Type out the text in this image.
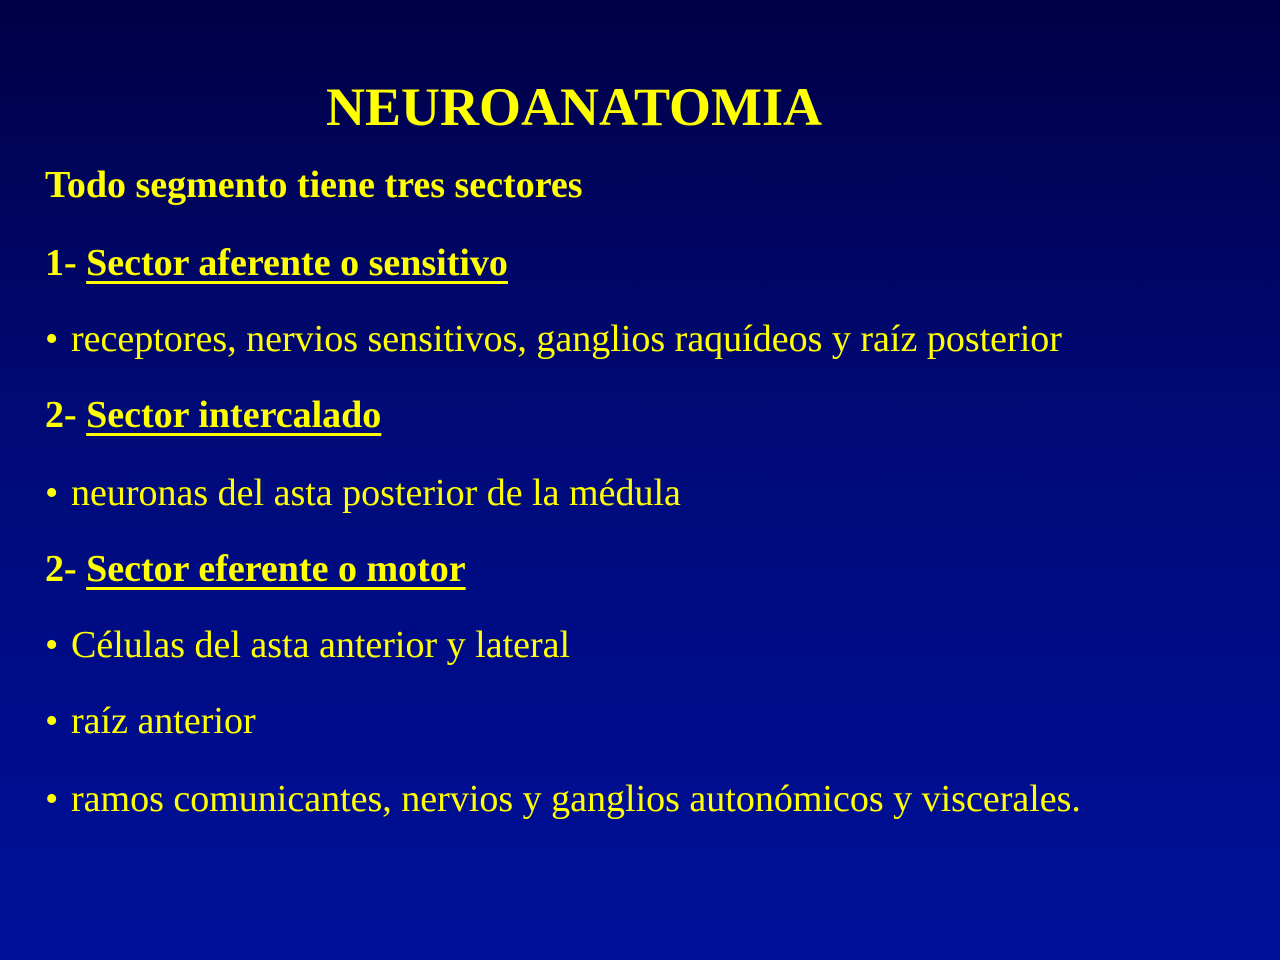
NEUROANATOMIA
Todo segmento tiene tres sectores
1- Sector aferente o sensitivo
• receptores, nervios sensitivos, ganglios raquídeos y raíz posterior
2- Sector intercalado
• neuronas del asta posterior de la médula
2- Sector eferente o motor
• Células del asta anterior y lateral
• raíz anterior
• ramos comunicantes, nervios y ganglios autonómicos y viscerales.
